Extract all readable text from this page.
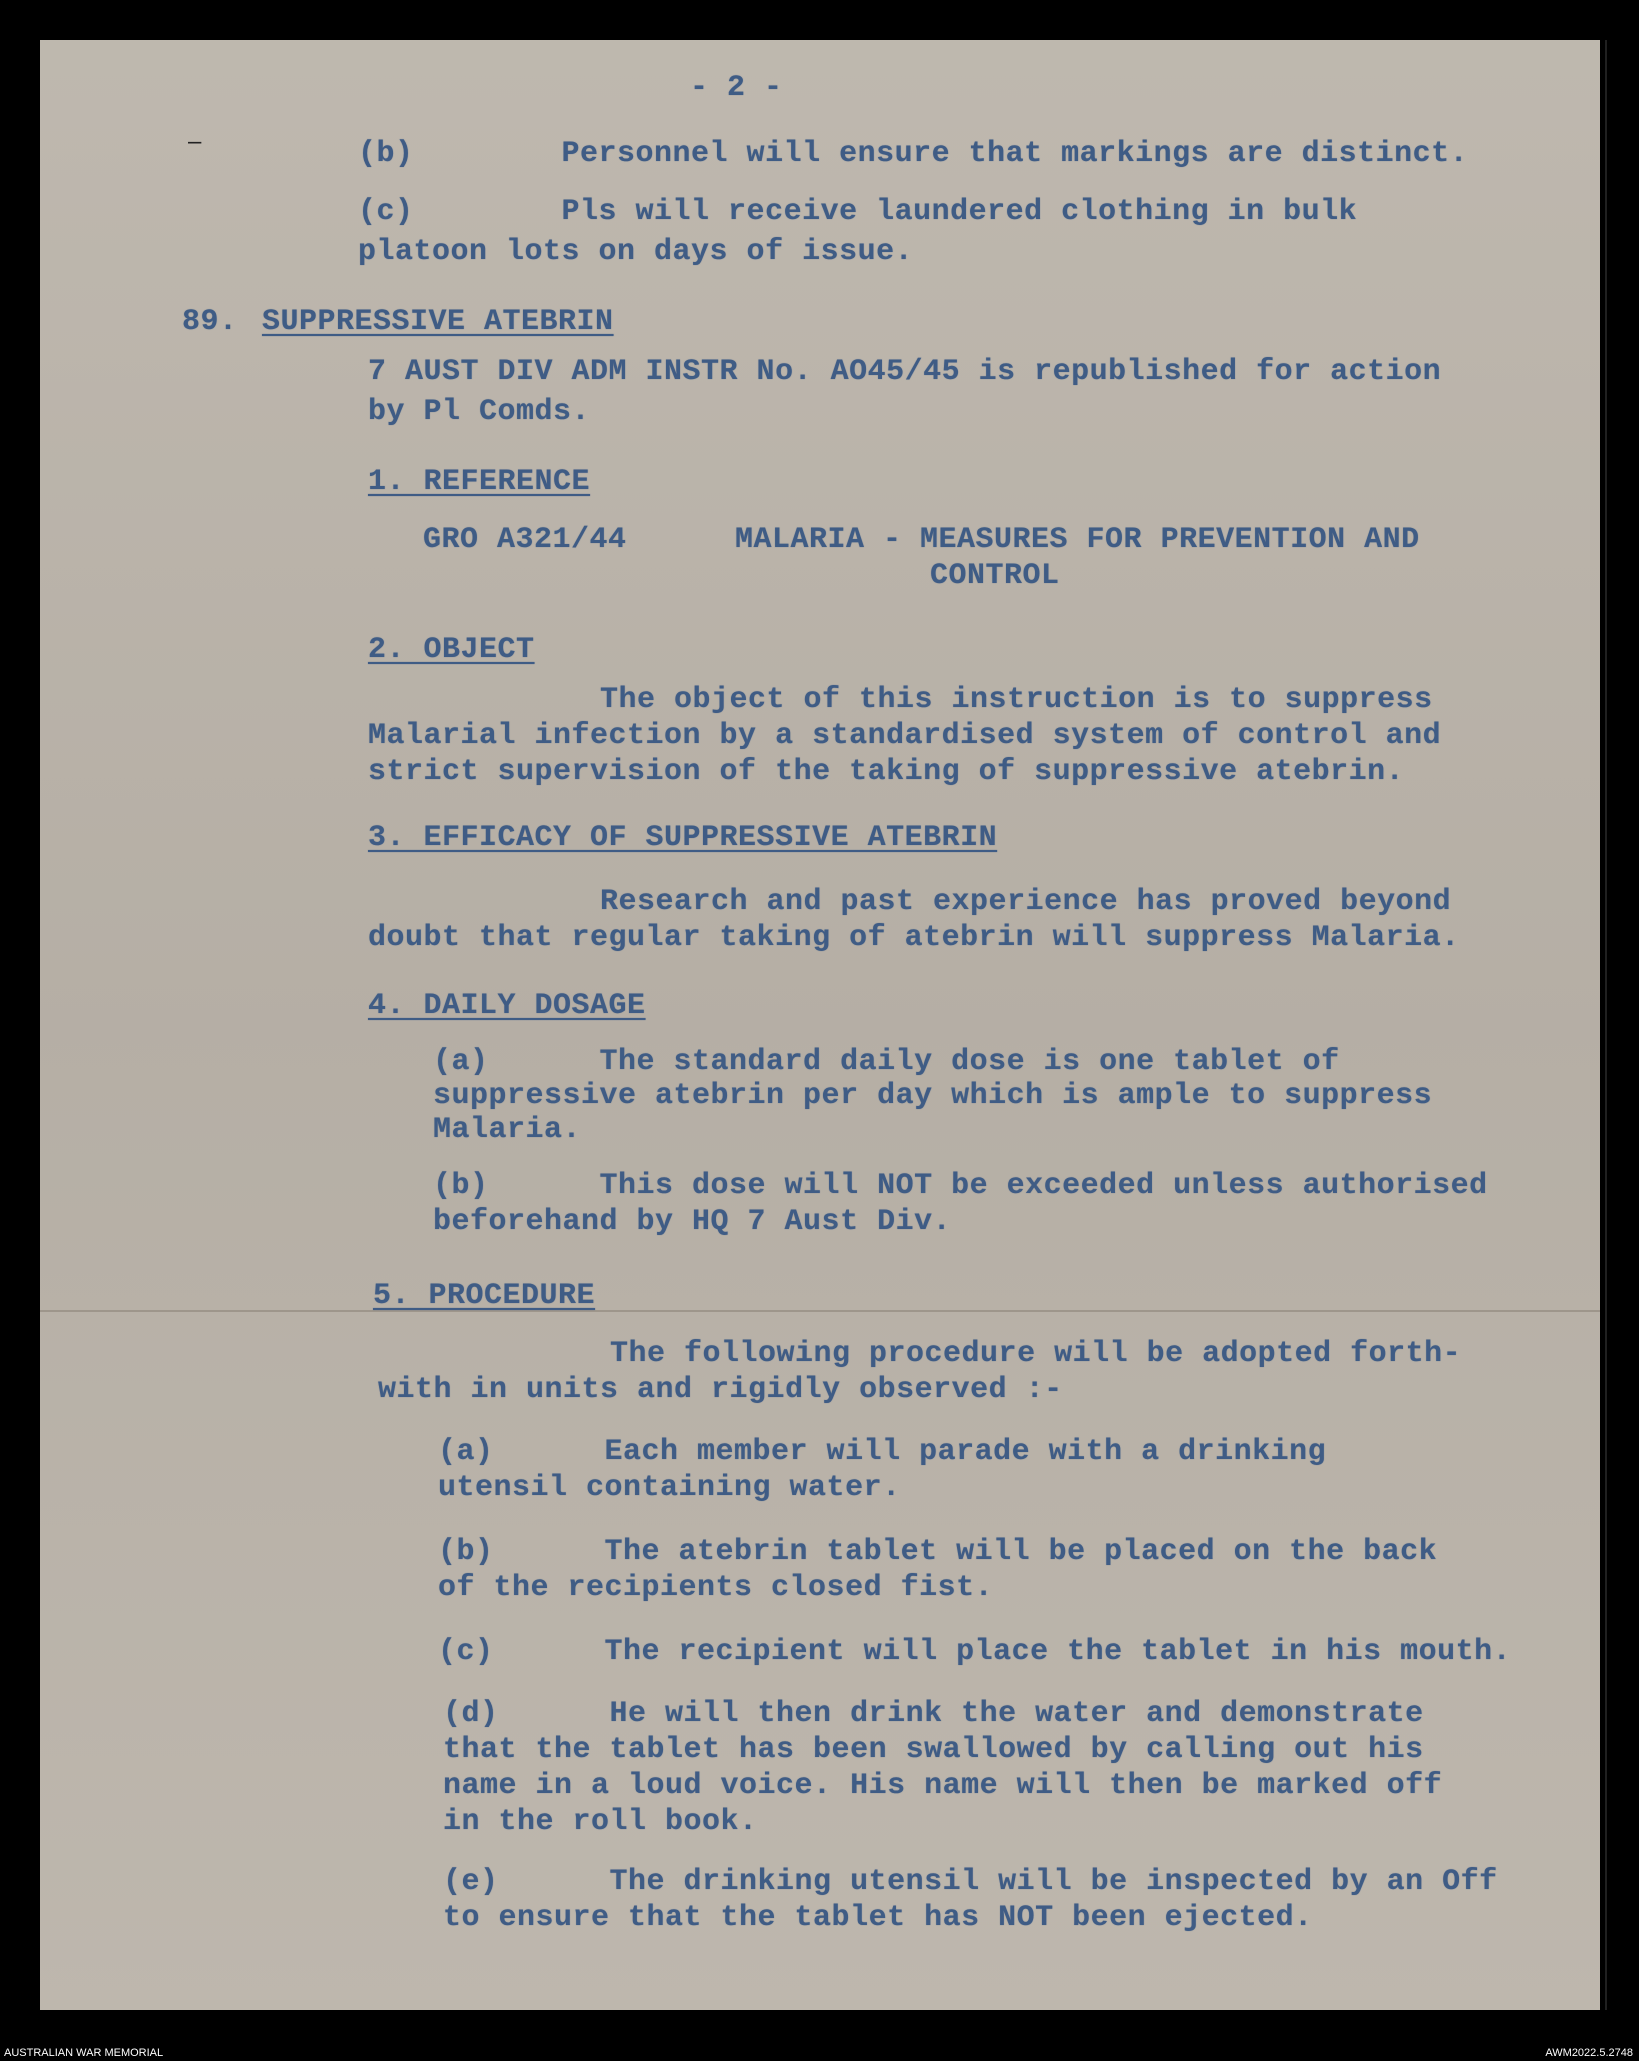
- 2 -
–	(b)        Personnel will ensure that markings are distinct.
(c)        Pls will receive laundered clothing in bulk
platoon lots on days of issue.
89. SUPPRESSIVE ATEBRIN
7 AUST DIV ADM INSTR No. AO45/45 is republished for action
by Pl Comds.
1. REFERENCE
GRO A321/44	MALARIA - MEASURES FOR PREVENTION AND
CONTROL
2. OBJECT
The object of this instruction is to suppress
Malarial infection by a standardised system of control and
strict supervision of the taking of suppressive atebrin.
3. EFFICACY OF SUPPRESSIVE ATEBRIN
Research and past experience has proved beyond
doubt that regular taking of atebrin will suppress Malaria.
4. DAILY DOSAGE
(a)      The standard daily dose is one tablet of
suppressive atebrin per day which is ample to suppress
Malaria.
(b)      This dose will NOT be exceeded unless authorised
beforehand by HQ 7 Aust Div.
5. PROCEDURE
The following procedure will be adopted forth-
with in units and rigidly observed :-
(a)      Each member will parade with a drinking
utensil containing water.
(b)      The atebrin tablet will be placed on the back
of the recipients closed fist.
(c)      The recipient will place the tablet in his mouth.
(d)      He will then drink the water and demonstrate
that the tablet has been swallowed by calling out his
name in a loud voice. His name will then be marked off
in the roll book.
(e)      The drinking utensil will be inspected by an Off
to ensure that the tablet has NOT been ejected.
AUSTRALIAN WAR MEMORIAL	AWM2022.5.2748
